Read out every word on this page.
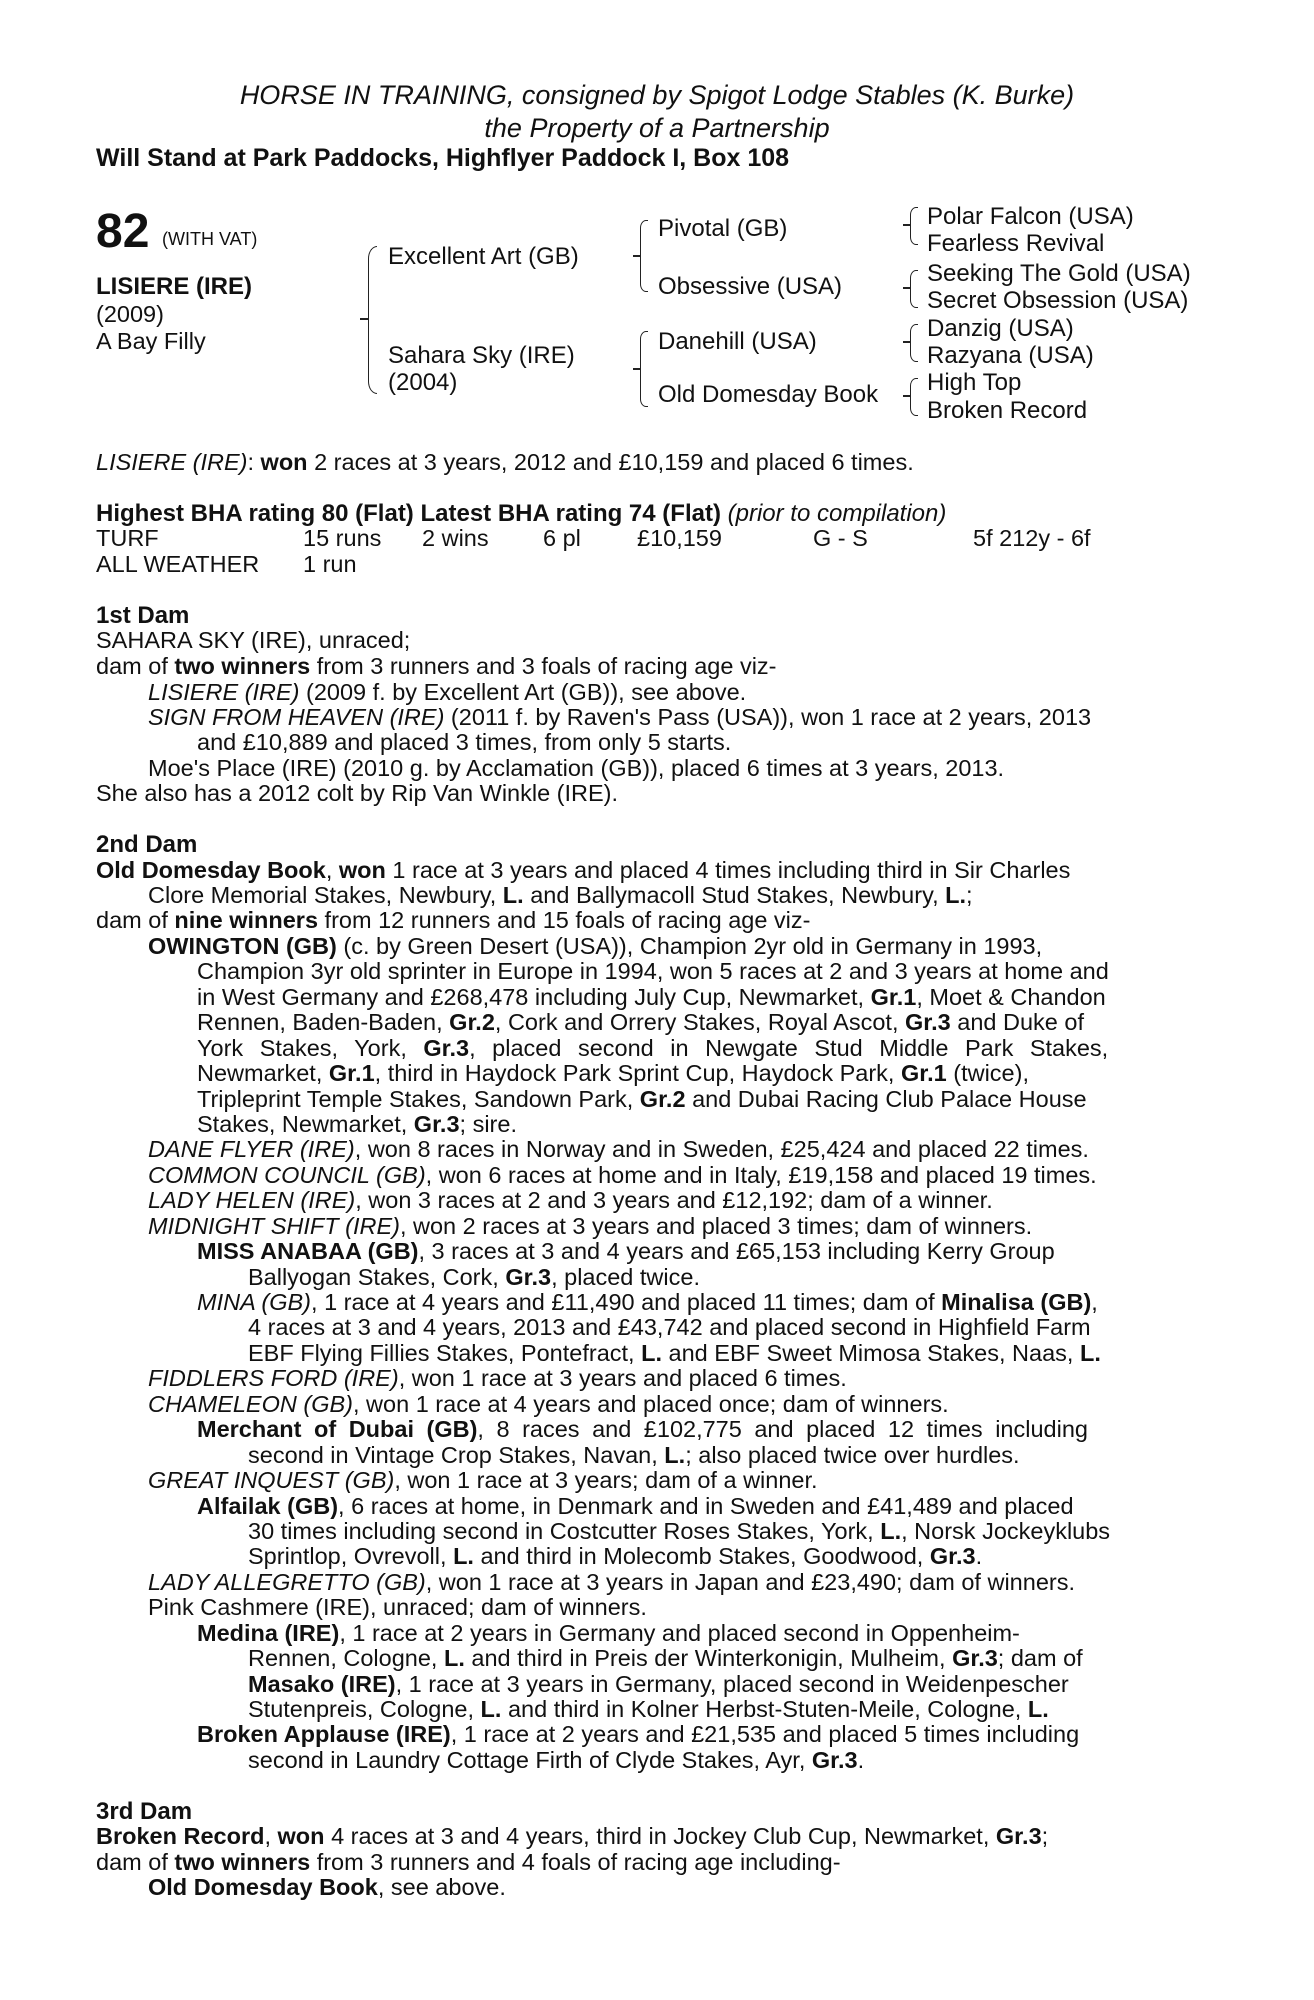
HORSE IN TRAINING, consigned by Spigot Lodge Stables (K. Burke)
the Property of a Partnership
Will Stand at Park Paddocks, Highflyer Paddock I, Box 108
82 (WITH VAT)
LISIERE (IRE)
(2009)
A Bay Filly
Excellent Art (GB)
Sahara Sky (IRE)
(2004)
Pivotal (GB)
Obsessive (USA)
Danehill (USA)
Old Domesday Book
Polar Falcon (USA)
Fearless Revival
Seeking The Gold (USA)
Secret Obsession (USA)
Danzig (USA)
Razyana (USA)
High Top
Broken Record
LISIERE (IRE): won 2 races at 3 years, 2012 and £10,159 and placed 6 times.
Highest BHA rating 80 (Flat) Latest BHA rating 74 (Flat) (prior to compilation)
TURF	15 runs 2 wins 6 pl £10,159	G - S	5f 212y - 6f
ALL WEATHER 1 run
1st Dam
SAHARA SKY (IRE), unraced;
dam of two winners from 3 runners and 3 foals of racing age viz-
LISIERE (IRE) (2009 f. by Excellent Art (GB)), see above.
SIGN FROM HEAVEN (IRE) (2011 f. by Raven's Pass (USA)), won 1 race at 2 years, 2013
and £10,889 and placed 3 times, from only 5 starts.
Moe's Place (IRE) (2010 g. by Acclamation (GB)), placed 6 times at 3 years, 2013.
She also has a 2012 colt by Rip Van Winkle (IRE).
2nd Dam
Old Domesday Book, won 1 race at 3 years and placed 4 times including third in Sir Charles
Clore Memorial Stakes, Newbury, L. and Ballymacoll Stud Stakes, Newbury, L.;
dam of nine winners from 12 runners and 15 foals of racing age viz-
OWINGTON (GB) (c. by Green Desert (USA)), Champion 2yr old in Germany in 1993,
Champion 3yr old sprinter in Europe in 1994, won 5 races at 2 and 3 years at home and
in West Germany and £268,478 including July Cup, Newmarket, Gr.1, Moet & Chandon
Rennen, Baden-Baden, Gr.2, Cork and Orrery Stakes, Royal Ascot, Gr.3 and Duke of
York Stakes, York, Gr.3, placed second in Newgate Stud Middle Park Stakes,
Newmarket, Gr.1, third in Haydock Park Sprint Cup, Haydock Park, Gr.1 (twice),
Tripleprint Temple Stakes, Sandown Park, Gr.2 and Dubai Racing Club Palace House
Stakes, Newmarket, Gr.3; sire.
DANE FLYER (IRE), won 8 races in Norway and in Sweden, £25,424 and placed 22 times.
COMMON COUNCIL (GB), won 6 races at home and in Italy, £19,158 and placed 19 times.
LADY HELEN (IRE), won 3 races at 2 and 3 years and £12,192; dam of a winner.
MIDNIGHT SHIFT (IRE), won 2 races at 3 years and placed 3 times; dam of winners.
MISS ANABAA (GB), 3 races at 3 and 4 years and £65,153 including Kerry Group
Ballyogan Stakes, Cork, Gr.3, placed twice.
MINA (GB), 1 race at 4 years and £11,490 and placed 11 times; dam of Minalisa (GB),
4 races at 3 and 4 years, 2013 and £43,742 and placed second in Highfield Farm
EBF Flying Fillies Stakes, Pontefract, L. and EBF Sweet Mimosa Stakes, Naas, L.
FIDDLERS FORD (IRE), won 1 race at 3 years and placed 6 times.
CHAMELEON (GB), won 1 race at 4 years and placed once; dam of winners.
Merchant of Dubai (GB), 8 races and £102,775 and placed 12 times including
second in Vintage Crop Stakes, Navan, L.; also placed twice over hurdles.
GREAT INQUEST (GB), won 1 race at 3 years; dam of a winner.
Alfailak (GB), 6 races at home, in Denmark and in Sweden and £41,489 and placed
30 times including second in Costcutter Roses Stakes, York, L., Norsk Jockeyklubs
Sprintlop, Ovrevoll, L. and third in Molecomb Stakes, Goodwood, Gr.3.
LADY ALLEGRETTO (GB), won 1 race at 3 years in Japan and £23,490; dam of winners.
Pink Cashmere (IRE), unraced; dam of winners.
Medina (IRE), 1 race at 2 years in Germany and placed second in Oppenheim-
Rennen, Cologne, L. and third in Preis der Winterkonigin, Mulheim, Gr.3; dam of
Masako (IRE), 1 race at 3 years in Germany, placed second in Weidenpescher
Stutenpreis, Cologne, L. and third in Kolner Herbst-Stuten-Meile, Cologne, L.
Broken Applause (IRE), 1 race at 2 years and £21,535 and placed 5 times including
second in Laundry Cottage Firth of Clyde Stakes, Ayr, Gr.3.
3rd Dam
Broken Record, won 4 races at 3 and 4 years, third in Jockey Club Cup, Newmarket, Gr.3;
dam of two winners from 3 runners and 4 foals of racing age including-
Old Domesday Book, see above.
